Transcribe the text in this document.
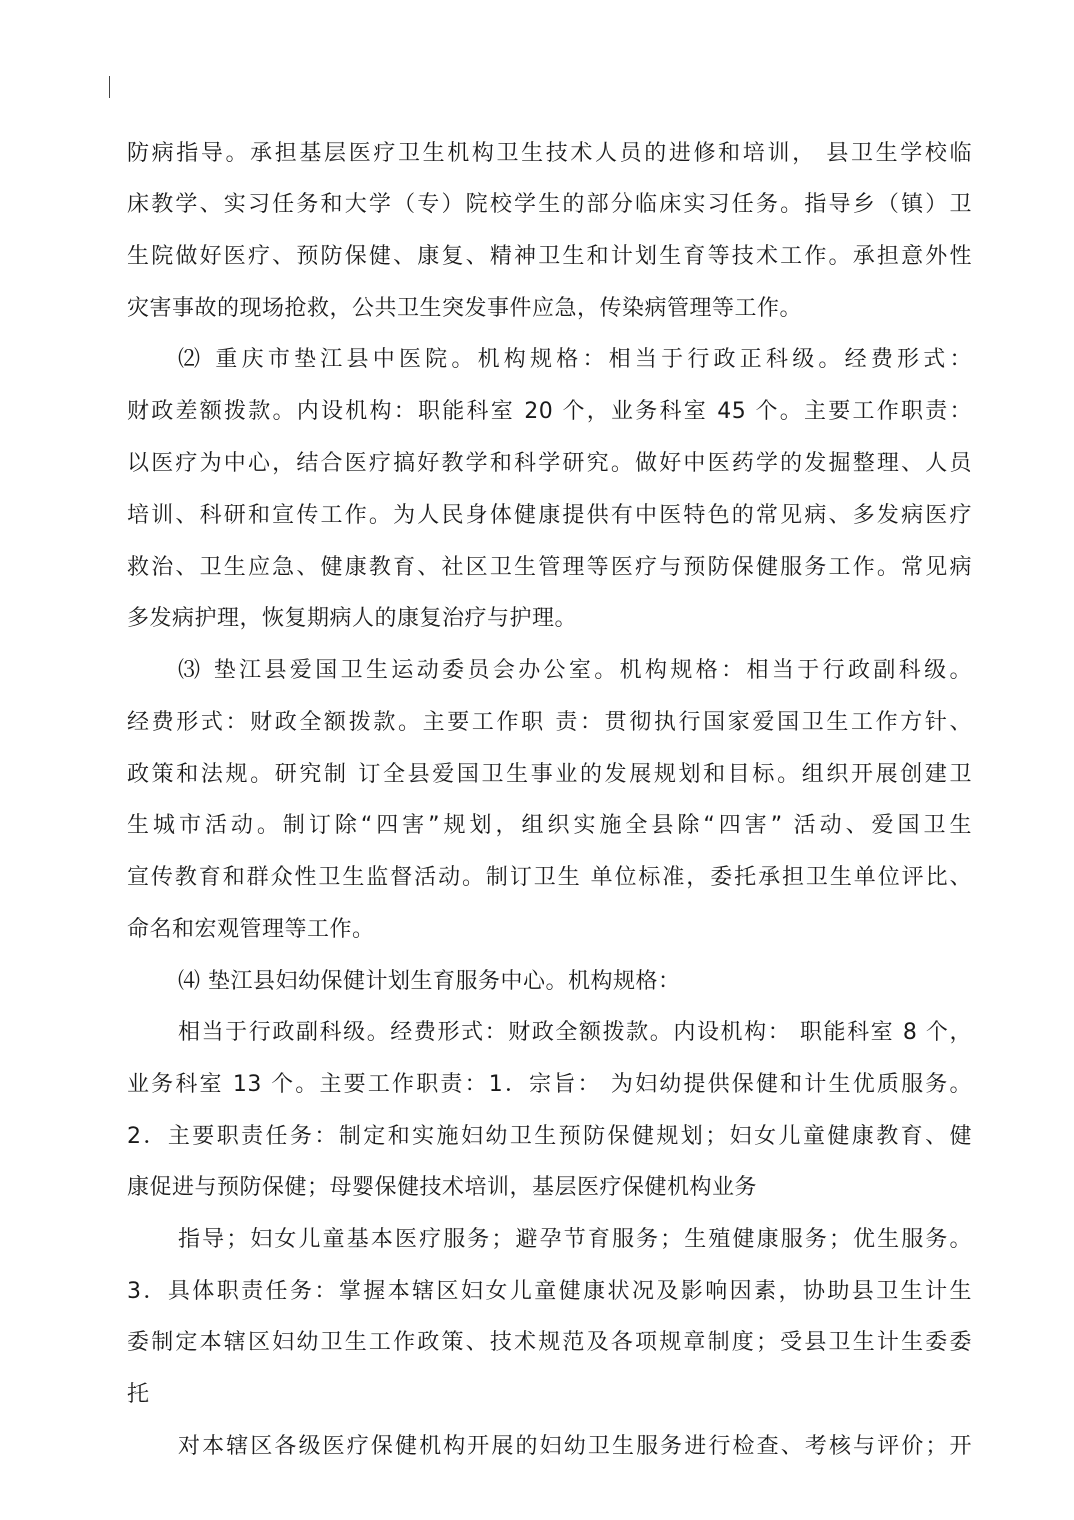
防病指导。承担基层医疗卫生机构卫生技术人员的进修和培训， 县卫生学校临
床教学、实习任务和大学（专）院校学生的部分临床实习任务。指导乡（镇）卫
生院做好医疗、预防保健、康复、精神卫生和计划生育等技术工作。承担意外性
灾害事故的现场抢救，公共卫生突发事件应急，传染病管理等工作。
⑵ 重庆市垫江县中医院。机构规格：相当于行政正科级。经费形式：
财政差额拨款。内设机构：职能科室 20 个，业务科室 45 个。主要工作职责：
以医疗为中心，结合医疗搞好教学和科学研究。做好中医药学的发掘整理、人员
培训、科研和宣传工作。为人民身体健康提供有中医特色的常见病、多发病医疗
救治、卫生应急、健康教育、社区卫生管理等医疗与预防保健服务工作。常见病
多发病护理，恢复期病人的康复治疗与护理。
⑶ 垫江县爱国卫生运动委员会办公室。机构规格：相当于行政副科级。
经费形式：财政全额拨款。主要工作职 责：贯彻执行国家爱国卫生工作方针、
政策和法规。研究制 订全县爱国卫生事业的发展规划和目标。组织开展创建卫
生城市活动。制订除“四害”规划，组织实施全县除“四害” 活动、爱国卫生
宣传教育和群众性卫生监督活动。制订卫生 单位标准，委托承担卫生单位评比、
命名和宏观管理等工作。
⑷ 垫江县妇幼保健计划生育服务中心。机构规格：
相当于行政副科级。经费形式：财政全额拨款。内设机构： 职能科室 8 个，
业务科室 13 个。主要工作职责：1．宗旨： 为妇幼提供保健和计生优质服务。
2．主要职责任务：制定和实施妇幼卫生预防保健规划；妇女儿童健康教育、健
康促进与预防保健；母婴保健技术培训，基层医疗保健机构业务
指导；妇女儿童基本医疗服务；避孕节育服务；生殖健康服务；优生服务。
3．具体职责任务：掌握本辖区妇女儿童健康状况及影响因素，协助县卫生计生
委制定本辖区妇幼卫生工作政策、技术规范及各项规章制度；受县卫生计生委委
托
对本辖区各级医疗保健机构开展的妇幼卫生服务进行检查、考核与评价；开
